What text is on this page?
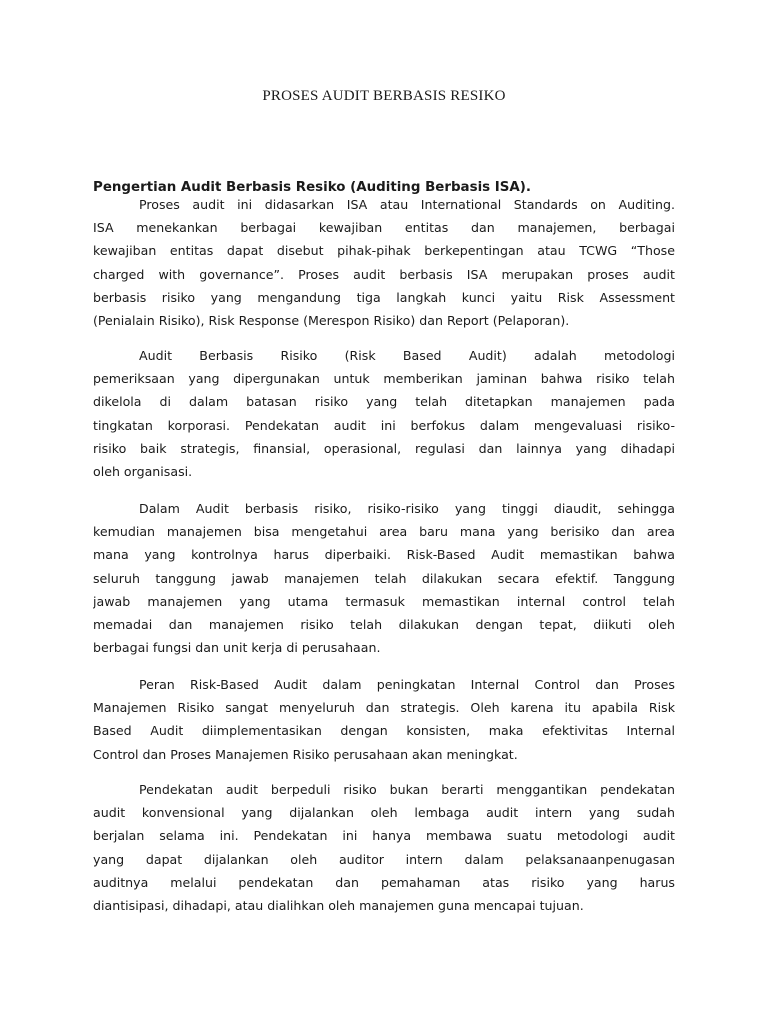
PROSES AUDIT BERBASIS RESIKO
Pengertian Audit Berbasis Resiko (Auditing Berbasis ISA).
Proses audit ini didasarkan ISA atau International Standards on Auditing.
ISA menekankan berbagai kewajiban entitas dan manajemen, berbagai
kewajiban entitas dapat disebut pihak-pihak berkepentingan atau TCWG “Those
charged with governance”. Proses audit berbasis ISA merupakan proses audit
berbasis risiko yang mengandung tiga langkah kunci yaitu Risk Assessment
(Penialain Risiko), Risk Response (Merespon Risiko) dan Report (Pelaporan).
Audit Berbasis Risiko (Risk Based Audit) adalah metodologi
pemeriksaan yang dipergunakan untuk memberikan jaminan bahwa risiko telah
dikelola di dalam batasan risiko yang telah ditetapkan manajemen pada
tingkatan korporasi. Pendekatan audit ini berfokus dalam mengevaluasi risiko-
risiko baik strategis, finansial, operasional, regulasi dan lainnya yang dihadapi
oleh organisasi.
Dalam Audit berbasis risiko, risiko-risiko yang tinggi diaudit, sehingga
kemudian manajemen bisa mengetahui area baru mana yang berisiko dan area
mana yang kontrolnya harus diperbaiki. Risk-Based Audit memastikan bahwa
seluruh tanggung jawab manajemen telah dilakukan secara efektif. Tanggung
jawab manajemen yang utama termasuk memastikan internal control telah
memadai dan manajemen risiko telah dilakukan dengan tepat, diikuti oleh
berbagai fungsi dan unit kerja di perusahaan.
Peran Risk-Based Audit dalam peningkatan Internal Control dan Proses
Manajemen Risiko sangat menyeluruh dan strategis. Oleh karena itu apabila Risk
Based Audit diimplementasikan dengan konsisten, maka efektivitas Internal
Control dan Proses Manajemen Risiko perusahaan akan meningkat.
Pendekatan audit berpeduli risiko bukan berarti menggantikan pendekatan
audit konvensional yang dijalankan oleh lembaga audit intern yang sudah
berjalan selama ini. Pendekatan ini hanya membawa suatu metodologi audit
yang dapat dijalankan oleh auditor intern dalam pelaksanaanpenugasan
auditnya melalui pendekatan dan pemahaman atas risiko yang harus
diantisipasi, dihadapi, atau dialihkan oleh manajemen guna mencapai tujuan.
